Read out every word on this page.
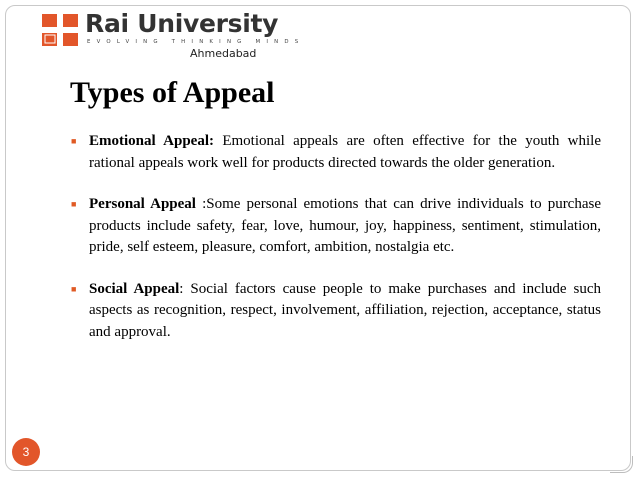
Rai University
EVOLVING THINKING MINDS
Ahmedabad
Types of Appeal
■ Emotional Appeal: Emotional appeals are often effective for the youth while rational appeals work well for products directed towards the older generation.
■ Personal Appeal :Some personal emotions that can drive individuals to purchase products include safety, fear, love, humour, joy, happiness, sentiment, stimulation, pride, self esteem, pleasure, comfort, ambition, nostalgia etc.
■ Social Appeal: Social factors cause people to make purchases and include such aspects as recognition, respect, involvement, affiliation, rejection, acceptance, status and approval.
3
